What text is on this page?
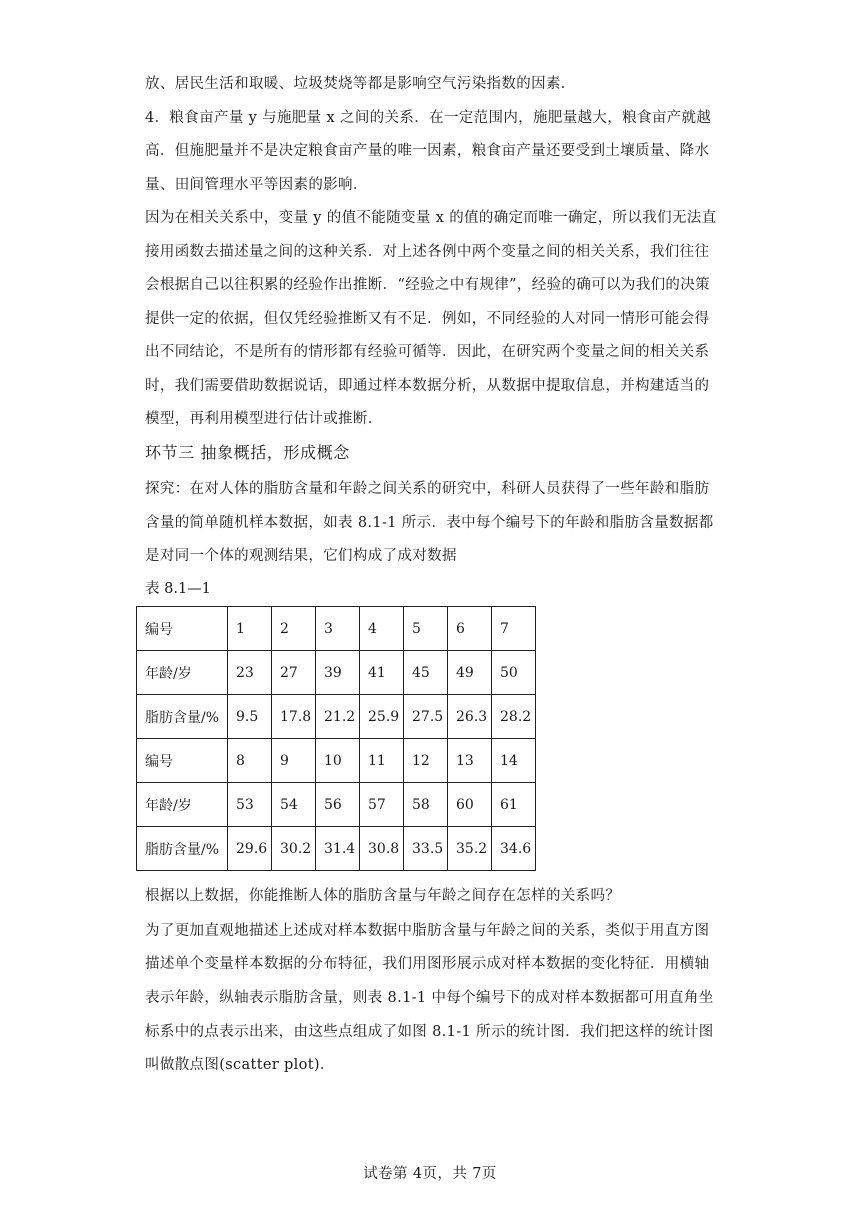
放、居民生活和取暖、垃圾焚烧等都是影响空气污染指数的因素．
4．粮食亩产量 y 与施肥量 x 之间的关系．在一定范围内，施肥量越大，粮食亩产就越
高．但施肥量并不是决定粮食亩产量的唯一因素，粮食亩产量还要受到土壤质量、降水
量、田间管理水平等因素的影响．
因为在相关关系中，变量 y 的值不能随变量 x 的值的确定而唯一确定，所以我们无法直
接用函数去描述量之间的这种关系．对上述各例中两个变量之间的相关关系，我们往往
会根据自己以往积累的经验作出推断．“经验之中有规律”，经验的确可以为我们的决策
提供一定的依据，但仅凭经验推断又有不足．例如，不同经验的人对同一情形可能会得
出不同结论，不是所有的情形都有经验可循等．因此，在研究两个变量之间的相关关系
时，我们需要借助数据说话，即通过样本数据分析，从数据中提取信息，并构建适当的
模型，再利用模型进行估计或推断．
环节三 抽象概括，形成概念
探究：在对人体的脂肪含量和年龄之间关系的研究中，科研人员获得了一些年龄和脂肪
含量的简单随机样本数据，如表 8.1-1 所示．表中每个编号下的年龄和脂肪含量数据都
是对同一个体的观测结果，它们构成了成对数据
表 8.1—1
编号	1	2	3	4	5	6	7
年龄/岁	23	27	39	41	45	49	50
脂肪含量/%	9.5	17.8	21.2	25.9	27.5	26.3	28.2
编号	8	9	10	11	12	13	14
年龄/岁	53	54	56	57	58	60	61
脂肪含量/%	29.6	30.2	31.4	30.8	33.5	35.2	34.6
根据以上数据，你能推断人体的脂肪含量与年龄之间存在怎样的关系吗？
为了更加直观地描述上述成对样本数据中脂肪含量与年龄之间的关系，类似于用直方图
描述单个变量样本数据的分布特征，我们用图形展示成对样本数据的变化特征．用横轴
表示年龄，纵轴表示脂肪含量，则表 8.1-1 中每个编号下的成对样本数据都可用直角坐
标系中的点表示出来，由这些点组成了如图 8.1-1 所示的统计图．我们把这样的统计图
叫做散点图(scatter plot)．
试卷第 4页，共 7页
